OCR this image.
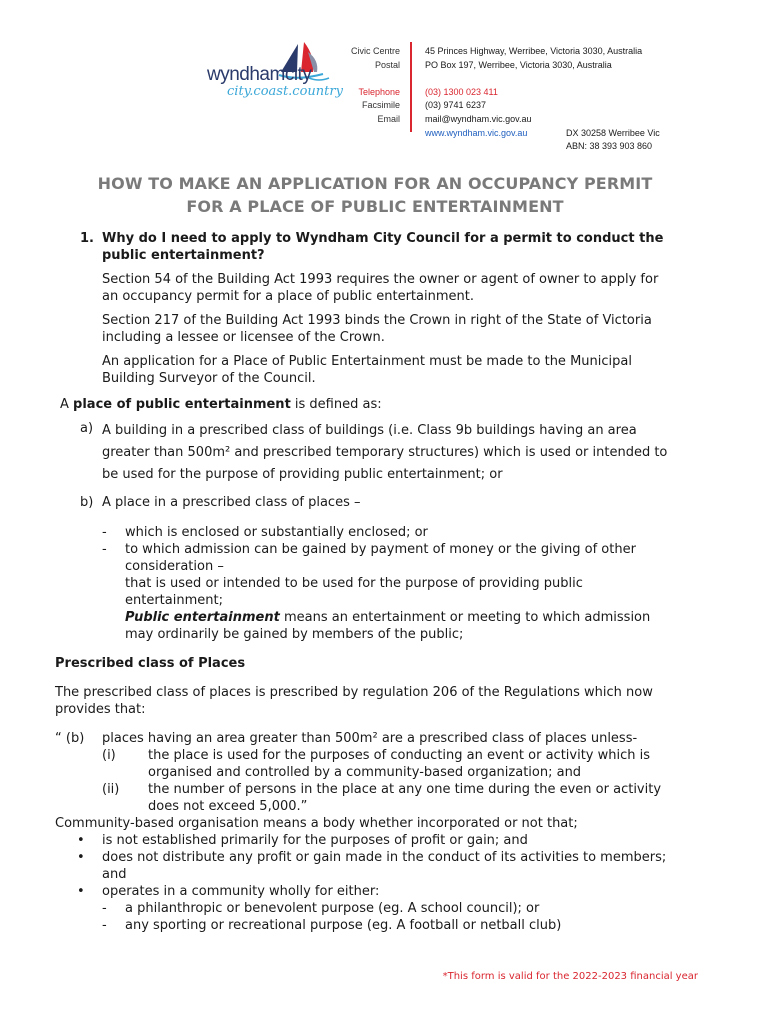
wyndhamcity
city.coast.country
Civic Centre
Postal
Telephone
Facsimile
Email
45 Princes Highway, Werribee, Victoria 3030, Australia
PO Box 197, Werribee, Victoria 3030, Australia
(03) 1300 023 411
(03) 9741 6237
mail@wyndham.vic.gov.au
www.wyndham.vic.gov.au	DX 30258 Werribee Vic
ABN: 38 393 903 860
HOW TO MAKE AN APPLICATION FOR AN OCCUPANCY PERMIT
FOR A PLACE OF PUBLIC ENTERTAINMENT
1. Why do I need to apply to Wyndham City Council for a permit to conduct the
public entertainment?
Section 54 of the Building Act 1993 requires the owner or agent of owner to apply for
an occupancy permit for a place of public entertainment.
Section 217 of the Building Act 1993 binds the Crown in right of the State of Victoria
including a lessee or licensee of the Crown.
An application for a Place of Public Entertainment must be made to the Municipal
Building Surveyor of the Council.
A place of public entertainment is defined as:
a) A building in a prescribed class of buildings (i.e. Class 9b buildings having an area
greater than 500m² and prescribed temporary structures) which is used or intended to
be used for the purpose of providing public entertainment; or
b) A place in a prescribed class of places –
- which is enclosed or substantially enclosed; or
- to which admission can be gained by payment of money or the giving of other
consideration –
that is used or intended to be used for the purpose of providing public
entertainment;
Public entertainment means an entertainment or meeting to which admission
may ordinarily be gained by members of the public;
Prescribed class of Places
The prescribed class of places is prescribed by regulation 206 of the Regulations which now
provides that:
“ (b) places having an area greater than 500m² are a prescribed class of places unless-
(i) the place is used for the purposes of conducting an event or activity which is
organised and controlled by a community-based organization; and
(ii) the number of persons in the place at any one time during the even or activity
does not exceed 5,000.”
Community-based organisation means a body whether incorporated or not that;
• is not established primarily for the purposes of profit or gain; and
• does not distribute any profit or gain made in the conduct of its activities to members;
and
• operates in a community wholly for either:
- a philanthropic or benevolent purpose (eg. A school council); or
- any sporting or recreational purpose (eg. A football or netball club)
*This form is valid for the 2022-2023 financial year
